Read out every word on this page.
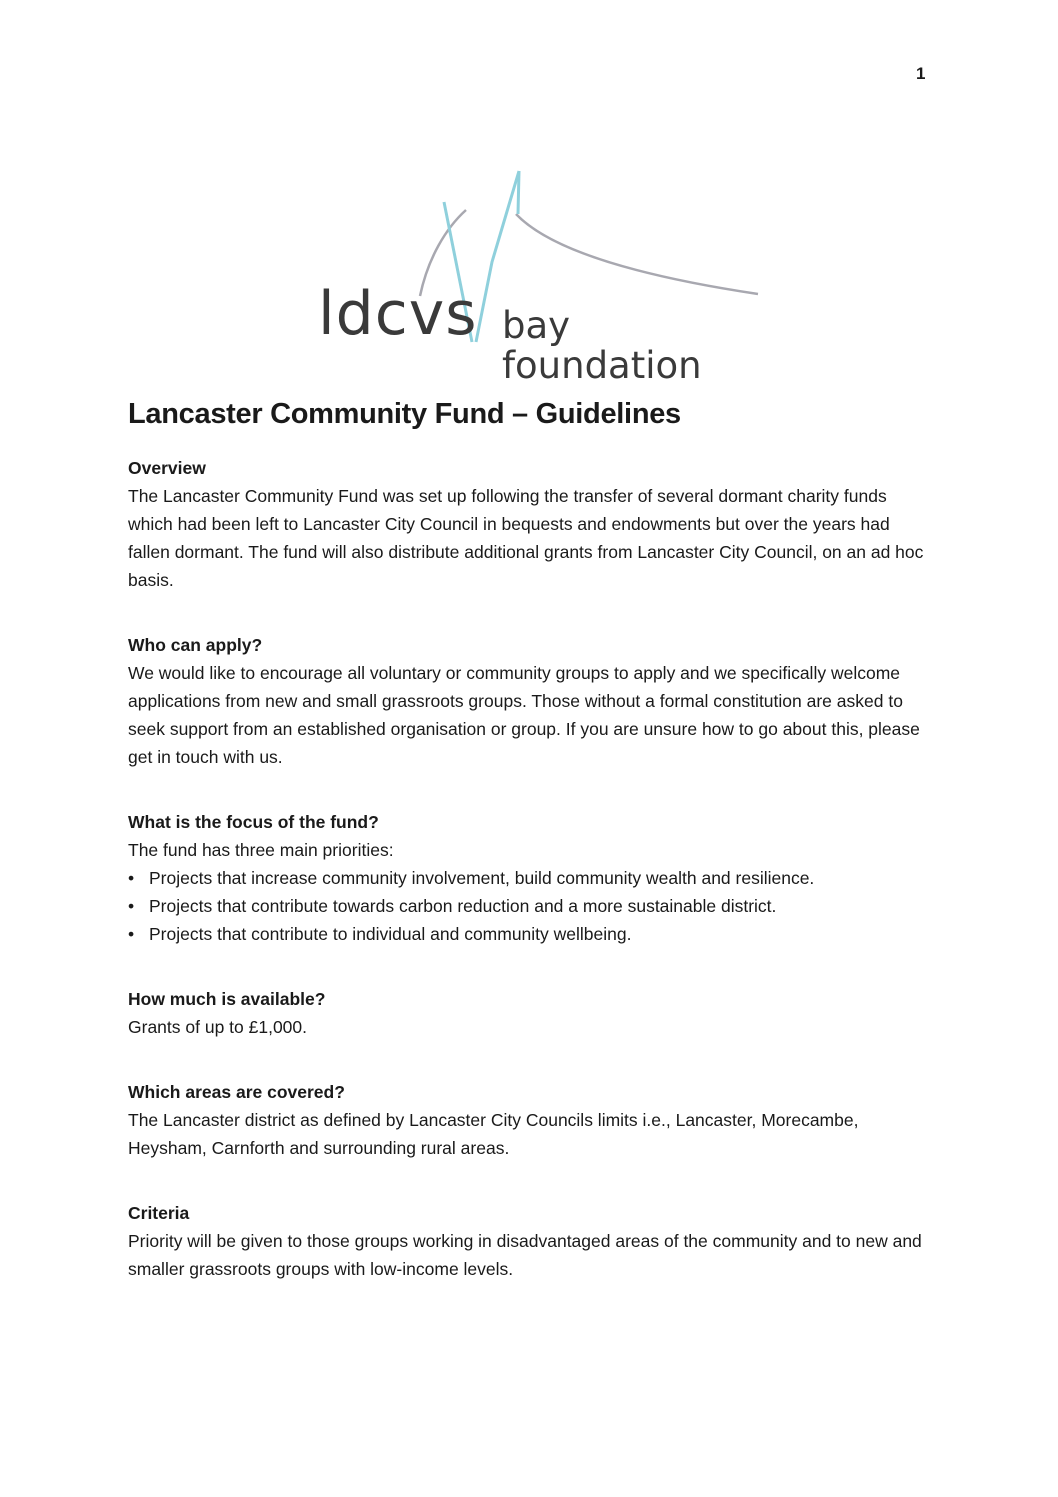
1
ldcvs bay foundation
Lancaster Community Fund – Guidelines

Overview

The Lancaster Community Fund was set up following the transfer of several dormant charity funds which had been left to Lancaster City Council in bequests and endowments but over the years had fallen dormant. The fund will also distribute additional grants from Lancaster City Council, on an ad hoc basis.

Who can apply?

We would like to encourage all voluntary or community groups to apply and we specifically welcome applications from new and small grassroots groups. Those without a formal constitution are asked to seek support from an established organisation or group. If you are unsure how to go about this, please get in touch with us.

What is the focus of the fund?

The fund has three main priorities:

• Projects that increase community involvement, build community wealth and resilience.
• Projects that contribute towards carbon reduction and a more sustainable district.
• Projects that contribute to individual and community wellbeing.

How much is available?

Grants of up to £1,000.

Which areas are covered?

The Lancaster district as defined by Lancaster City Councils limits i.e., Lancaster, Morecambe, Heysham, Carnforth and surrounding rural areas.

Criteria

Priority will be given to those groups working in disadvantaged areas of the community and to new and smaller grassroots groups with low-income levels.
